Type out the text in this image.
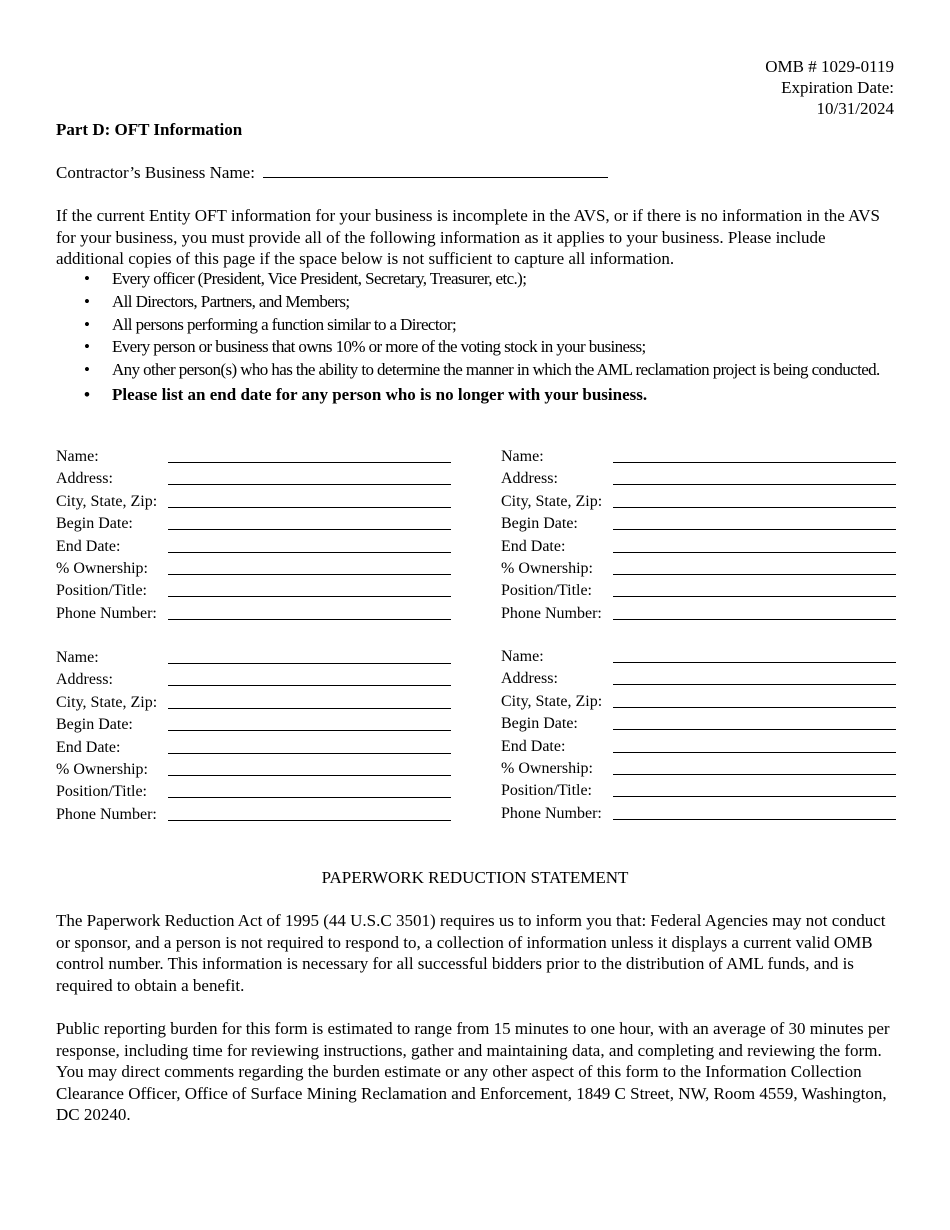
OMB # 1029-0119
Expiration Date:
10/31/2024
Part D: OFT Information
Contractor’s Business Name:
If the current Entity OFT information for your business is incomplete in the AVS, or if there is no information in the AVS for your business, you must provide all of the following information as it applies to your business. Please include additional copies of this page if the space below is not sufficient to capture all information.
• Every officer (President, Vice President, Secretary, Treasurer, etc.);
• All Directors, Partners, and Members;
• All persons performing a function similar to a Director;
• Every person or business that owns 10% or more of the voting stock in your business;
• Any other person(s) who has the ability to determine the manner in which the AML reclamation project is being conducted.
• Please list an end date for any person who is no longer with your business.
Name:
Address:
City, State, Zip:
Begin Date:
End Date:
% Ownership:
Position/Title:
Phone Number:
Name:
Address:
City, State, Zip:
Begin Date:
End Date:
% Ownership:
Position/Title:
Phone Number:
Name:
Address:
City, State, Zip:
Begin Date:
End Date:
% Ownership:
Position/Title:
Phone Number:
Name:
Address:
City, State, Zip:
Begin Date:
End Date:
% Ownership:
Position/Title:
Phone Number:
PAPERWORK REDUCTION STATEMENT
The Paperwork Reduction Act of 1995 (44 U.S.C 3501) requires us to inform you that: Federal Agencies may not conduct or sponsor, and a person is not required to respond to, a collection of information unless it displays a current valid OMB control number. This information is necessary for all successful bidders prior to the distribution of AML funds, and is required to obtain a benefit.
Public reporting burden for this form is estimated to range from 15 minutes to one hour, with an average of 30 minutes per response, including time for reviewing instructions, gather and maintaining data, and completing and reviewing the form. You may direct comments regarding the burden estimate or any other aspect of this form to the Information Collection Clearance Officer, Office of Surface Mining Reclamation and Enforcement, 1849 C Street, NW, Room 4559, Washington, DC 20240.
